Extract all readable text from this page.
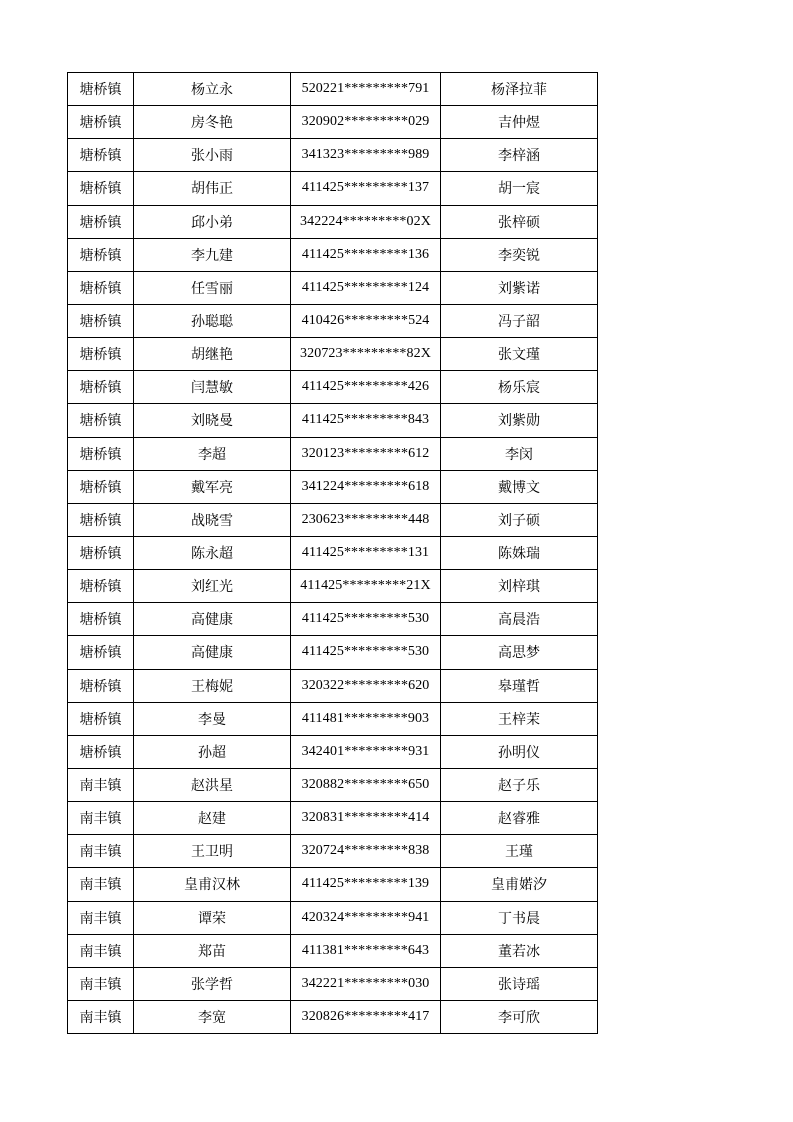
塘桥镇	杨立永	520221*********791	杨泽拉菲
塘桥镇	房冬艳	320902*********029	吉仲煜
塘桥镇	张小雨	341323*********989	李梓涵
塘桥镇	胡伟正	411425*********137	胡一宸
塘桥镇	邱小弟	342224*********02X	张梓硕
塘桥镇	李九建	411425*********136	李奕锐
塘桥镇	任雪丽	411425*********124	刘紫诺
塘桥镇	孙聪聪	410426*********524	冯子韶
塘桥镇	胡继艳	320723*********82X	张文瑾
塘桥镇	闫慧敏	411425*********426	杨乐宸
塘桥镇	刘晓曼	411425*********843	刘紫勋
塘桥镇	李超	320123*********612	李闵
塘桥镇	戴军亮	341224*********618	戴博文
塘桥镇	战晓雪	230623*********448	刘子硕
塘桥镇	陈永超	411425*********131	陈姝瑞
塘桥镇	刘红光	411425*********21X	刘梓琪
塘桥镇	高健康	411425*********530	高晨浩
塘桥镇	高健康	411425*********530	高思梦
塘桥镇	王梅妮	320322*********620	皋瑾哲
塘桥镇	李曼	411481*********903	王梓茉
塘桥镇	孙超	342401*********931	孙明仪
南丰镇	赵洪星	320882*********650	赵子乐
南丰镇	赵建	320831*********414	赵睿雅
南丰镇	王卫明	320724*********838	王瑾
南丰镇	皇甫汉林	411425*********139	皇甫婼汐
南丰镇	谭荣	420324*********941	丁书晨
南丰镇	郑苗	411381*********643	董若冰
南丰镇	张学哲	342221*********030	张诗瑶
南丰镇	李宽	320826*********417	李可欣
